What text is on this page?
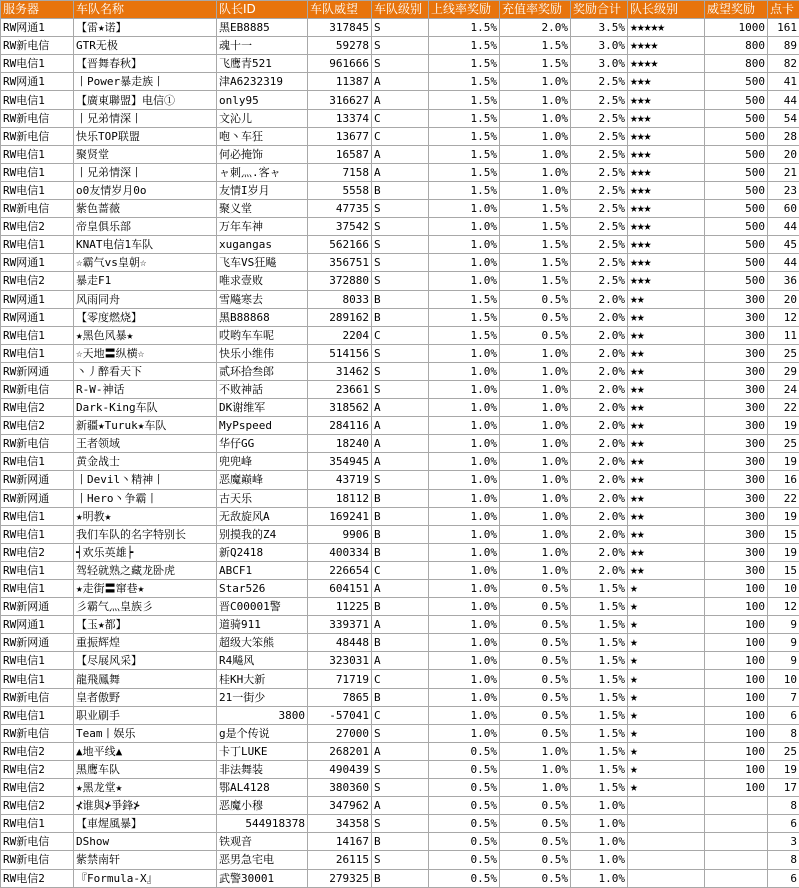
服务器	车队名称	队长ID	车队威望	车队级别	上线率奖励	充值率奖励	奖励合计	队长级别	威望奖励	点卡
RW网通1	【雷★诺】	黑EB8885	317845	S	1.5%	2.0%	3.5%	★★★★★	1000	161
RW新电信	GTR无极	魂十一	59278	S	1.5%	1.5%	3.0%	★★★★	800	89
RW电信1	【晋舞春秋】	飞鹰青521	961666	S	1.5%	1.5%	3.0%	★★★★	800	82
RW网通1	丨Power暴走族丨	津A6232319	11387	A	1.5%	1.0%	2.5%	★★★	500	41
RW电信1	【廣東聯盟】电信①	only95	316627	A	1.5%	1.0%	2.5%	★★★	500	44
RW新电信	丨兄弟情深丨	文沁儿	13374	C	1.5%	1.0%	2.5%	★★★	500	54
RW新电信	快乐TOP联盟	咆丶车狂	13677	C	1.5%	1.0%	2.5%	★★★	500	28
RW电信1	聚贤堂	何必掩饰	16587	A	1.5%	1.0%	2.5%	★★★	500	20
RW电信1	丨兄弟情深丨	ャ刺灬.客ャ	7158	A	1.5%	1.0%	2.5%	★★★	500	21
RW电信1	o0友情岁月0o	友情I岁月	5558	B	1.5%	1.0%	2.5%	★★★	500	23
RW新电信	紫色蔷薇	聚义堂	47735	S	1.0%	1.5%	2.5%	★★★	500	60
RW电信2	帝皇俱乐部	万年车神	37542	S	1.0%	1.5%	2.5%	★★★	500	44
RW电信1	KNAT电信1车队	xugangas	562166	S	1.0%	1.5%	2.5%	★★★	500	45
RW网通1	☆霸气vs皇朝☆	飞车VS狂飚	356751	S	1.0%	1.5%	2.5%	★★★	500	44
RW电信2	暴走F1	唯求壹败	372880	S	1.0%	1.5%	2.5%	★★★	500	36
RW网通1	风雨同舟	雪飚寒去	8033	B	1.5%	0.5%	2.0%	★★	300	20
RW网通1	【零度燃烧】	黑B88868	289162	B	1.5%	0.5%	2.0%	★★	300	12
RW电信1	★黑色风暴★	哎哟车车呢	2204	C	1.5%	0.5%	2.0%	★★	300	11
RW电信1	☆天地〓纵横☆	快乐小维伟	514156	S	1.0%	1.0%	2.0%	★★	300	25
RW新网通	丶丿醉看天下	贰环拾叁郎	31462	S	1.0%	1.0%	2.0%	★★	300	29
RW新电信	R-W-神话	不败神話	23661	S	1.0%	1.0%	2.0%	★★	300	24
RW电信2	Dark-King车队	DK谢维军	318562	A	1.0%	1.0%	2.0%	★★	300	22
RW电信2	新疆★Turuk★车队	MyPspeed	284116	A	1.0%	1.0%	2.0%	★★	300	19
RW新电信	王者领域	华仔GG	18240	A	1.0%	1.0%	2.0%	★★	300	25
RW电信1	黄金战士	兜兜峰	354945	A	1.0%	1.0%	2.0%	★★	300	19
RW新网通	丨Devil丶精神丨	恶魔巅峰	43719	S	1.0%	1.0%	2.0%	★★	300	16
RW新网通	丨Hero丶争霸丨	古天乐	18112	B	1.0%	1.0%	2.0%	★★	300	22
RW电信1	★明教★	无敌旋风A	169241	B	1.0%	1.0%	2.0%	★★	300	19
RW电信1	我们车队的名字特别长	别摸我的Z4	9906	B	1.0%	1.0%	2.0%	★★	300	15
RW电信2	┥欢乐英雄┝	新Q2418	400334	B	1.0%	1.0%	2.0%	★★	300	19
RW电信1	驾轻就熟之藏龙卧虎	ABCF1	226654	C	1.0%	1.0%	2.0%	★★	300	15
RW电信1	★走街〓窜巷★	Star526	604151	A	1.0%	0.5%	1.5%	★	100	10
RW新网通	彡霸气灬皇族彡	晋C00001警	11225	B	1.0%	0.5%	1.5%	★	100	12
RW网通1	【玉★都】	道骑911	339371	A	1.0%	0.5%	1.5%	★	100	9
RW新网通	重振辉煌	超级大笨熊	48448	B	1.0%	0.5%	1.5%	★	100	9
RW电信1	【尽展风采】	R4飚风	323031	A	1.0%	0.5%	1.5%	★	100	9
RW电信1	龍飛鳳舞	桂KH大新	71719	C	1.0%	0.5%	1.5%	★	100	10
RW新电信	皇者傲野	21一街少	7865	B	1.0%	0.5%	1.5%	★	100	7
RW电信1	职业刷手	3800	-57041	C	1.0%	0.5%	1.5%	★	100	6
RW新电信	Team丨娱乐	g是个传说	27000	S	1.0%	0.5%	1.5%	★	100	8
RW电信2	▲地平线▲	卡丁LUKE	268201	A	0.5%	1.0%	1.5%	★	100	25
RW电信2	黑鹰车队	非法舞装	490439	S	0.5%	1.0%	1.5%	★	100	19
RW电信2	★黑龙堂★	鄂AL4128	380360	S	0.5%	1.0%	1.5%	★	100	17
RW电信2	⊀谁與⊁爭鋒⊁	恶魔小穆	347962	A	0.5%	0.5%	1.0%			8
RW电信1	【車煋風暴】	544918378	34358	S	0.5%	0.5%	1.0%			6
RW新电信	DShow	铁观音	14167	B	0.5%	0.5%	1.0%			3
RW新电信	紫禁南轩	恶男急宅电	26115	S	0.5%	0.5%	1.0%			8
RW电信2	『Formula-X』	武警30001	279325	B	0.5%	0.5%	1.0%			6
